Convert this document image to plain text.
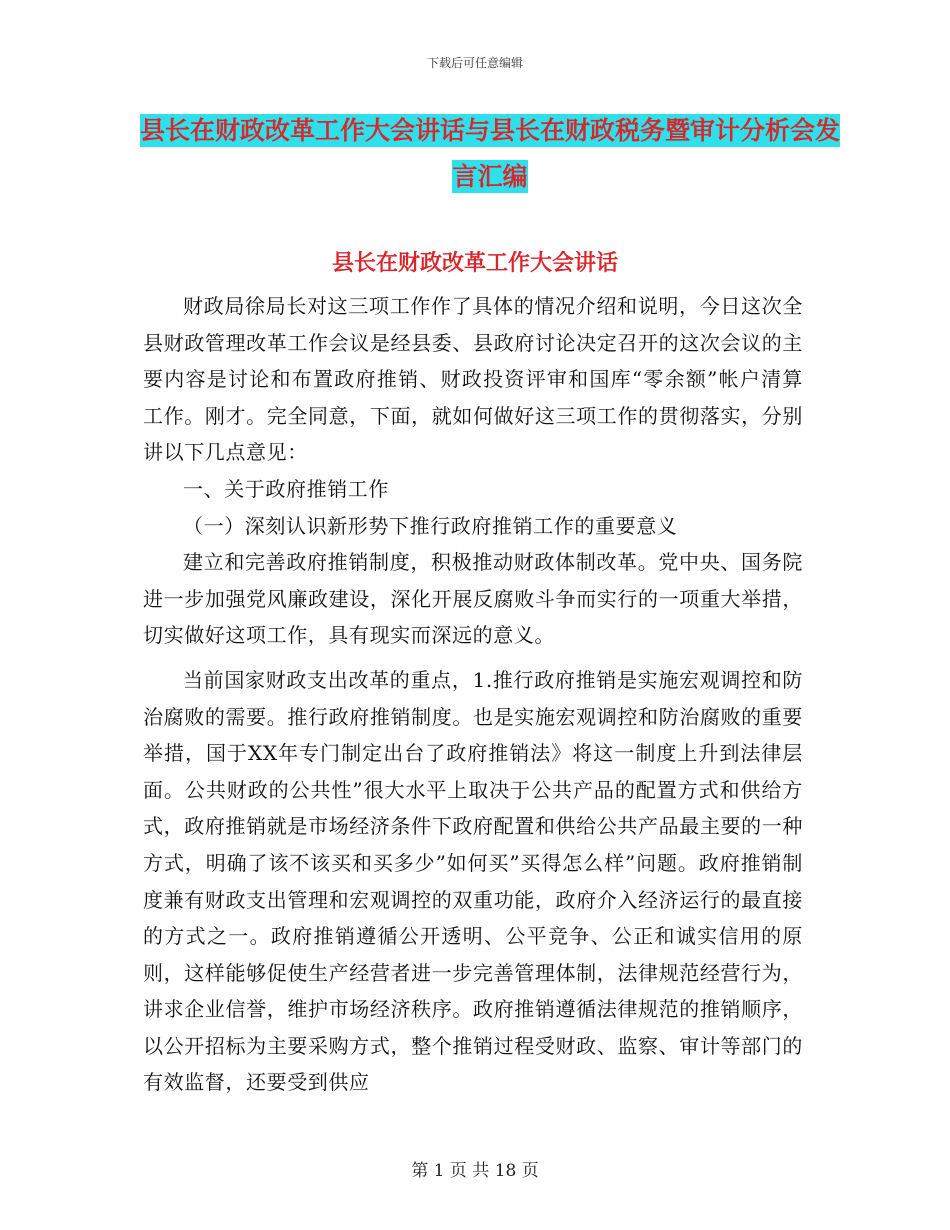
下载后可任意编辑
县长在财政改革工作大会讲话与县长在财政税务暨审计分析会发言汇编
县长在财政改革工作大会讲话

财政局徐局长对这三项工作作了具体的情况介绍和说明，今日这次全县财政管理改革工作会议是经县委、县政府讨论决定召开的这次会议的主要内容是讨论和布置政府推销、财政投资评审和国库“零余额”帐户清算工作。刚才。完全同意，下面，就如何做好这三项工作的贯彻落实，分别讲以下几点意见：

一、关于政府推销工作

（一）深刻认识新形势下推行政府推销工作的重要意义

建立和完善政府推销制度，积极推动财政体制改革。党中央、国务院进一步加强党风廉政建设，深化开展反腐败斗争而实行的一项重大举措，切实做好这项工作，具有现实而深远的意义。

当前国家财政支出改革的重点，1.推行政府推销是实施宏观调控和防治腐败的需要。推行政府推销制度。也是实施宏观调控和防治腐败的重要举措，国于XX年专门制定出台了政府推销法》将这一制度上升到法律层面。公共财政的公共性”很大水平上取决于公共产品的配置方式和供给方式，政府推销就是市场经济条件下政府配置和供给公共产品最主要的一种方式，明确了该不该买和买多少”如何买”买得怎么样”问题。政府推销制度兼有财政支出管理和宏观调控的双重功能，政府介入经济运行的最直接的方式之一。政府推销遵循公开透明、公平竞争、公正和诚实信用的原则，这样能够促使生产经营者进一步完善管理体制，法律规范经营行为，讲求企业信誉，维护市场经济秩序。政府推销遵循法律规范的推销顺序，以公开招标为主要采购方式，整个推销过程受财政、监察、审计等部门的有效监督，还要受到供应

第 1 页 共 18 页
